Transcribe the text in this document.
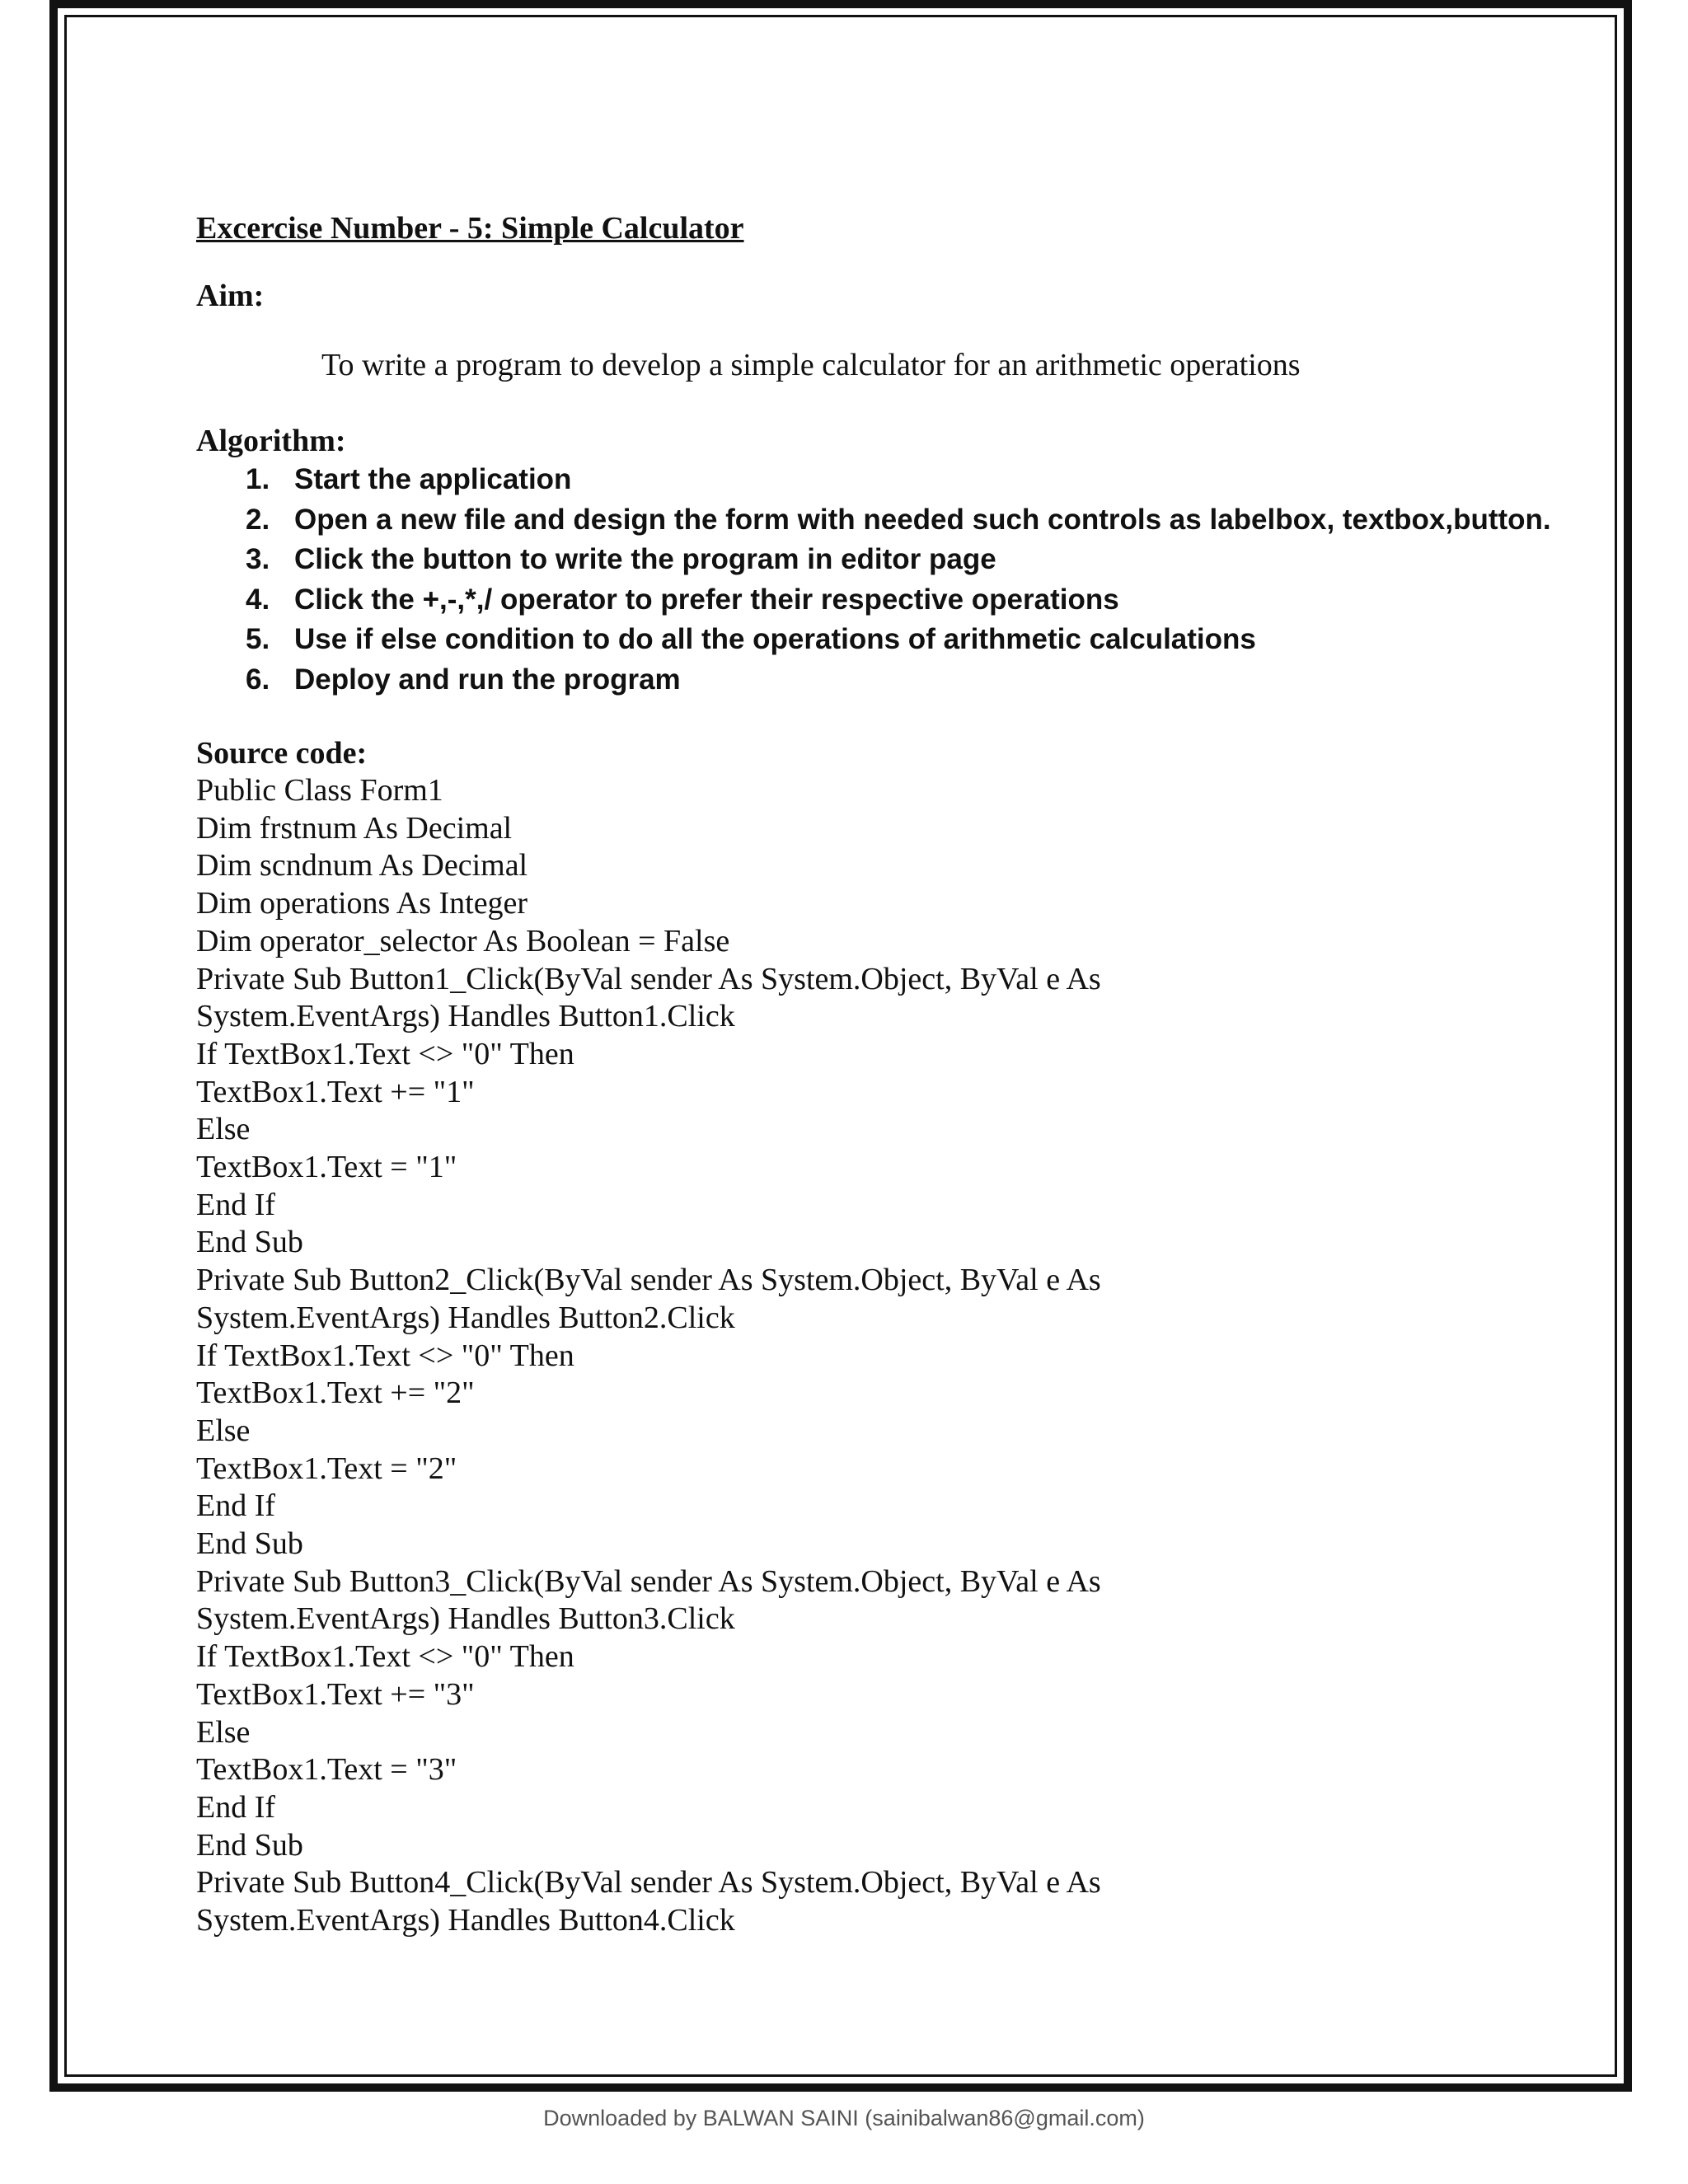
Excercise Number - 5: Simple Calculator
Aim:

To write a program to develop a simple calculator for an arithmetic operations

Algorithm:
1. Start the application
2. Open a new file and design the form with needed such controls as labelbox, textbox,button.
3. Click the button to write the program in editor page
4. Click the +,-,*,/ operator to prefer their respective operations
5. Use if else condition to do all the operations of arithmetic calculations
6. Deploy and run the program
Source code:
Public Class Form1
Dim frstnum As Decimal
Dim scndnum As Decimal
Dim operations As Integer
Dim operator_selector As Boolean = False
Private Sub Button1_Click(ByVal sender As System.Object, ByVal e As
System.EventArgs) Handles Button1.Click
If TextBox1.Text <> "0" Then
TextBox1.Text += "1"
Else
TextBox1.Text = "1"
End If
End Sub
Private Sub Button2_Click(ByVal sender As System.Object, ByVal e As
System.EventArgs) Handles Button2.Click
If TextBox1.Text <> "0" Then
TextBox1.Text += "2"
Else
TextBox1.Text = "2"
End If
End Sub
Private Sub Button3_Click(ByVal sender As System.Object, ByVal e As
System.EventArgs) Handles Button3.Click
If TextBox1.Text <> "0" Then
TextBox1.Text += "3"
Else
TextBox1.Text = "3"
End If
End Sub
Private Sub Button4_Click(ByVal sender As System.Object, ByVal e As
System.EventArgs) Handles Button4.Click
Downloaded by BALWAN SAINI (sainibalwan86@gmail.com)
